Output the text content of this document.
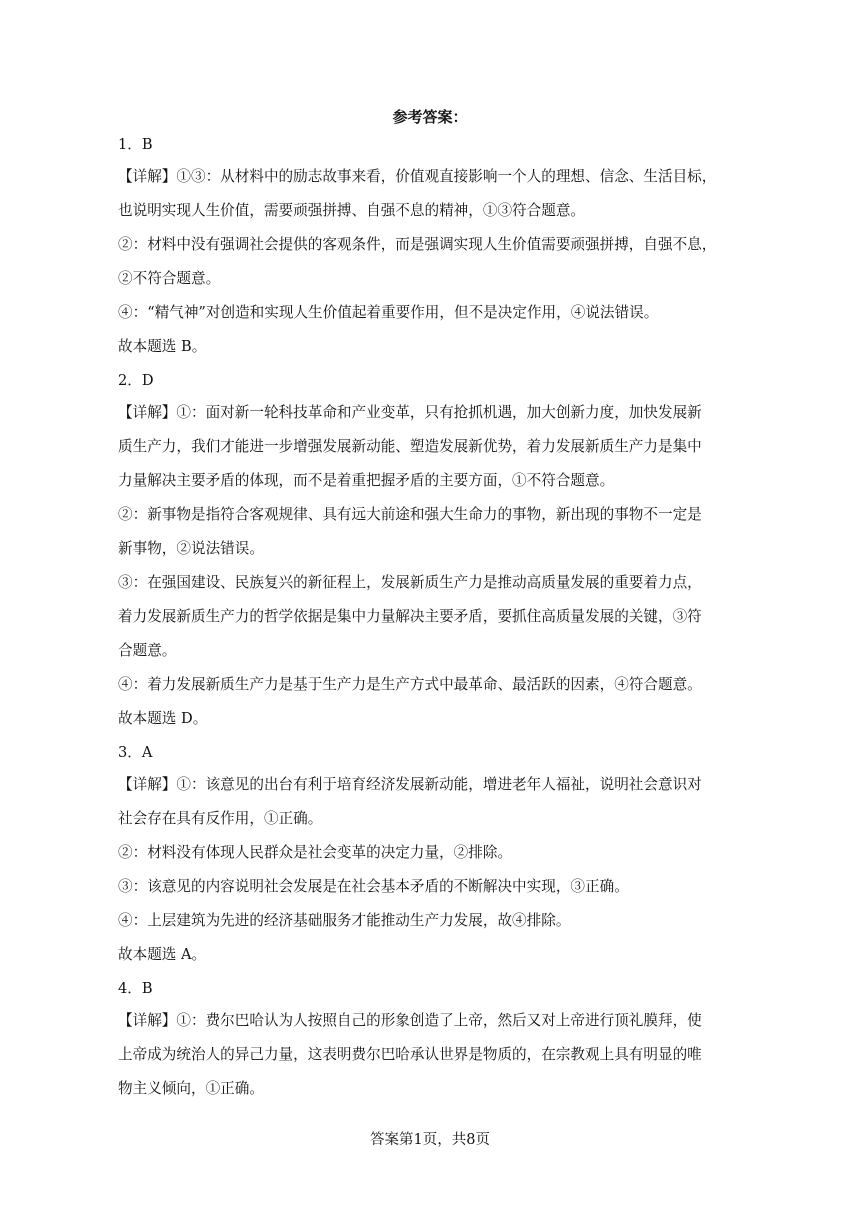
参考答案：

1．B

【详解】①③：从材料中的励志故事来看，价值观直接影响一个人的理想、信念、生活目标，

也说明实现人生价值，需要顽强拼搏、自强不息的精神，①③符合题意。

②：材料中没有强调社会提供的客观条件，而是强调实现人生价值需要顽强拼搏，自强不息，

②不符合题意。

④：“精气神”对创造和实现人生价值起着重要作用，但不是决定作用，④说法错误。

故本题选 B。

2．D

【详解】①：面对新一轮科技革命和产业变革，只有抢抓机遇，加大创新力度，加快发展新

质生产力，我们才能进一步增强发展新动能、塑造发展新优势，着力发展新质生产力是集中

力量解决主要矛盾的体现，而不是着重把握矛盾的主要方面，①不符合题意。

②：新事物是指符合客观规律、具有远大前途和强大生命力的事物，新出现的事物不一定是

新事物，②说法错误。

③：在强国建设、民族复兴的新征程上，发展新质生产力是推动高质量发展的重要着力点，

着力发展新质生产力的哲学依据是集中力量解决主要矛盾，要抓住高质量发展的关键，③符

合题意。

④：着力发展新质生产力是基于生产力是生产方式中最革命、最活跃的因素，④符合题意。

故本题选 D。

3．A

【详解】①：该意见的出台有利于培育经济发展新动能，增进老年人福祉，说明社会意识对

社会存在具有反作用，①正确。

②：材料没有体现人民群众是社会变革的决定力量，②排除。

③：该意见的内容说明社会发展是在社会基本矛盾的不断解决中实现，③正确。

④：上层建筑为先进的经济基础服务才能推动生产力发展，故④排除。

故本题选 A。

4．B

【详解】①：费尔巴哈认为人按照自己的形象创造了上帝，然后又对上帝进行顶礼膜拜，使

上帝成为统治人的异己力量，这表明费尔巴哈承认世界是物质的，在宗教观上具有明显的唯

物主义倾向，①正确。

答案第1页，共8页
